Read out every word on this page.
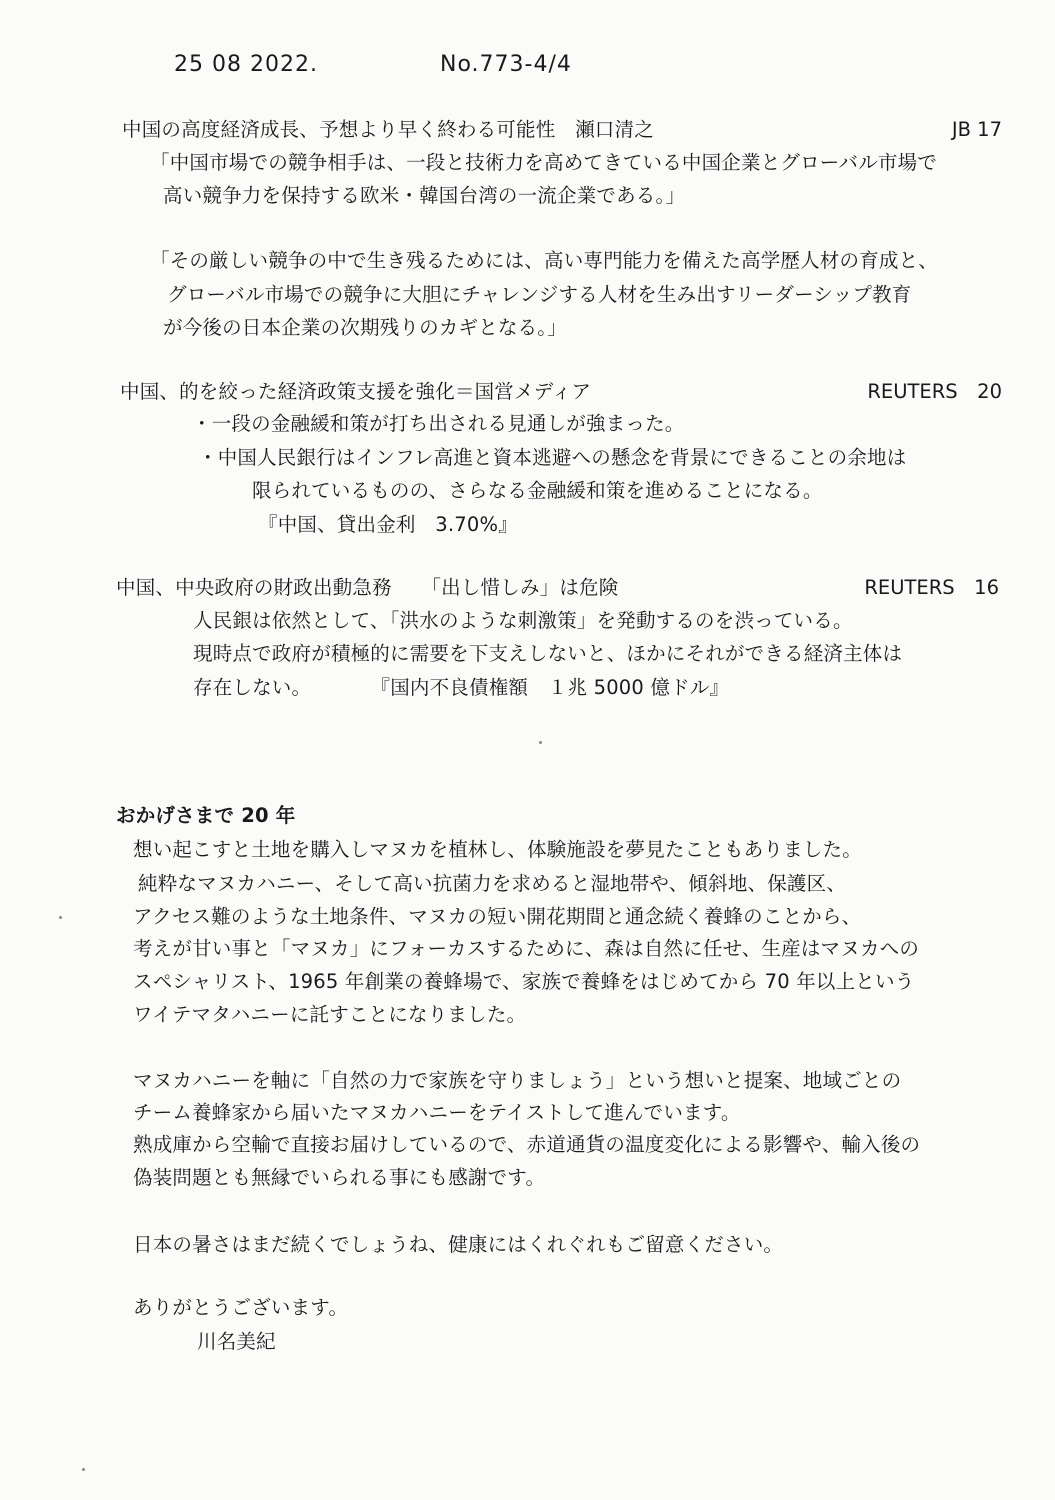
25 08 2022.	No.773-4/4
中国の高度経済成長、予想より早く終わる可能性　瀬口清之	JB 17
「中国市場での競争相手は、一段と技術力を高めてきている中国企業とグローバル市場で
高い競争力を保持する欧米・韓国台湾の一流企業である。」
「その厳しい競争の中で生き残るためには、高い専門能力を備えた高学歴人材の育成と、
グローバル市場での競争に大胆にチャレンジする人材を生み出すリーダーシップ教育
が今後の日本企業の次期残りのカギとなる。」
中国、的を絞った経済政策支援を強化＝国営メディア	REUTERS　20
・一段の金融緩和策が打ち出される見通しが強まった。
・中国人民銀行はインフレ高進と資本逃避への懸念を背景にできることの余地は
限られているものの、さらなる金融緩和策を進めることになる。
『中国、貸出金利　3.70%』
中国、中央政府の財政出動急務　　「出し惜しみ」は危険	REUTERS　16
人民銀は依然として、「洪水のような刺激策」を発動するのを渋っている。
現時点で政府が積極的に需要を下支えしないと、ほかにそれができる経済主体は
存在しない。　　　　『国内不良債権額　１兆 5000 億ドル』
おかげさまで 20 年
想い起こすと土地を購入しマヌカを植林し、体験施設を夢見たこともありました。
純粋なマヌカハニー、そして高い抗菌力を求めると湿地帯や、傾斜地、保護区、
アクセス難のような土地条件、マヌカの短い開花期間と通念続く養蜂のことから、
考えが甘い事と「マヌカ」にフォーカスするために、森は自然に任せ、生産はマヌカへの
スペシャリスト、1965 年創業の養蜂場で、家族で養蜂をはじめてから 70 年以上という
ワイテマタハニーに託すことになりました。
マヌカハニーを軸に「自然の力で家族を守りましょう」という想いと提案、地域ごとの
チーム養蜂家から届いたマヌカハニーをテイストして進んでいます。
熟成庫から空輸で直接お届けしているので、赤道通貨の温度変化による影響や、輸入後の
偽装問題とも無縁でいられる事にも感謝です。
日本の暑さはまだ続くでしょうね、健康にはくれぐれもご留意ください。
ありがとうございます。
川名美紀
